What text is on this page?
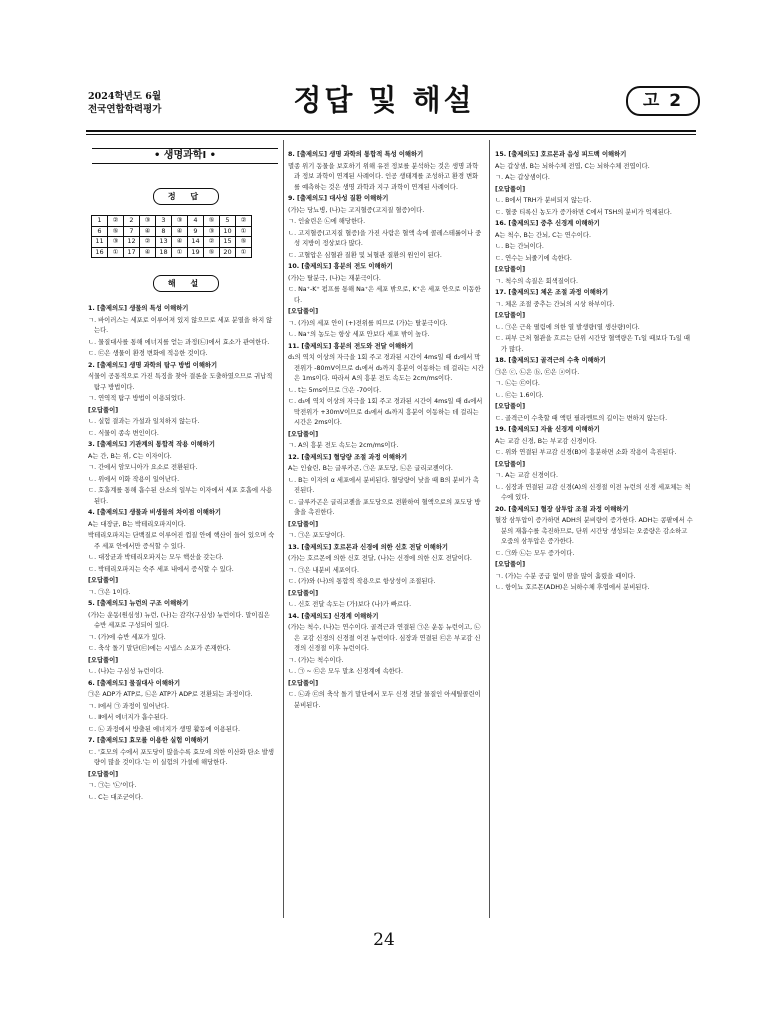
2024학년도 6월
전국연합학력평가	정답 및 해설	고 2
• 생명과학Ⅰ •
정 답
1	②	2	③	3	③	4	⑤	5	②
6	⑤	7	④	8	④	9	③	10	①
11	③	12	②	13	④	14	②	15	⑤
16	①	17	④	18	①	19	⑤	20	①
해 설

1. [출제의도] 생물의 특성 이해하기

ㄱ. 바이러스는 세포로 이루어져 있지 않으므로 세포 분열을 하지 않는다.

ㄴ. 물질대사를 통해 에너지를 얻는 과정(㉡)에서 효소가 관여한다.

ㄷ. ㉢은 생물이 환경 변화에 적응한 것이다.

2. [출제의도] 생명 과학의 탐구 방법 이해하기

식물이 공통적으로 가진 특징을 찾아 결론을 도출하였으므로 귀납적 탐구 방법이다.

ㄱ. 연역적 탐구 방법이 이용되었다.

[오답풀이]

ㄴ. 실험 결과는 가설과 일치하지 않는다.

ㄷ. 식물이 종속 변인이다.

3. [출제의도] 기관계의 통합적 작용 이해하기

A는 간, B는 위, C는 이자이다.

ㄱ. 간에서 암모니아가 요소로 전환된다.

ㄴ. 위에서 이화 작용이 일어난다.

ㄷ. 호흡계를 통해 흡수된 산소의 일부는 이자에서 세포 호흡에 사용된다.

4. [출제의도] 생물과 비생물의 차이점 이해하기

A는 대장균, B는 박테리오파지이다.

박테리오파지는 단백질로 이루어진 껍질 안에 핵산이 들어 있으며 숙주 세포 안에서만 증식할 수 있다.

ㄴ. 대장균과 박테리오파지는 모두 핵산을 갖는다.

ㄷ. 박테리오파지는 숙주 세포 내에서 증식할 수 있다.

[오답풀이]

ㄱ. ㉠은 1이다.

5. [출제의도] 뉴런의 구조 이해하기

(가)는 운동(원심성) 뉴런, (나)는 감각(구심성) 뉴런이다. 말이집은 슈반 세포로 구성되어 있다.

ㄱ. (가)에 슈반 세포가 있다.

ㄷ. 축삭 돌기 말단(㉢)에는 시냅스 소포가 존재한다.

[오답풀이]

ㄴ. (나)는 구심성 뉴런이다.

6. [출제의도] 물질대사 이해하기

㉠은 ADP가 ATP로, ㉡은 ATP가 ADP로 전환되는 과정이다.

ㄱ. Ⅰ에서 ㉠ 과정이 일어난다.

ㄴ. Ⅱ에서 에너지가 흡수된다.

ㄷ. ㉡ 과정에서 방출된 에너지가 생명 활동에 이용된다.

7. [출제의도] 효모를 이용한 실험 이해하기

ㄷ. '효모의 수에서 포도당이 많을수록 효모에 의한 이산화 탄소 발생량이 많을 것이다.'는 이 실험의 가설에 해당한다.

[오답풀이]

ㄱ. ㉠는 '㉡'이다.

ㄴ. C는 대조군이다.

8. [출제의도] 생명 과학의 통합적 특성 이해하기

멸종 위기 동물을 보호하기 위해 유전 정보를 분석하는 것은 생명 과학과 정보 과학이 연계된 사례이다. 인공 생태계를 조성하고 환경 변화를 예측하는 것은 생명 과학과 지구 과학이 연계된 사례이다.

9. [출제의도] 대사성 질환 이해하기

(가)는 당뇨병, (나)는 고지혈증(고지질 혈증)이다.

ㄱ. 인슐린은 ㉡에 해당한다.

ㄴ. 고지혈증(고지질 혈증)을 가진 사람은 혈액 속에 콜레스테롤이나 중성 지방이 정상보다 많다.

ㄷ. 고혈압은 심혈관 질환 및 뇌혈관 질환의 원인이 된다.

10. [출제의도] 흥분의 전도 이해하기

(가)는 탈분극, (나)는 재분극이다.

ㄷ. Na⁺-K⁺ 펌프를 통해 Na⁺은 세포 밖으로, K⁺은 세포 안으로 이동한다.

[오답풀이]

ㄱ. (가)의 세포 안이 (+)전위를 띠므로 (가)는 탈분극이다.

ㄴ. Na⁺의 농도는 항상 세포 안보다 세포 밖이 높다.

11. [출제의도] 흥분의 전도와 전달 이해하기

d₁의 역치 이상의 자극을 1회 주고 경과된 시간이 4ms일 때 d₂에서 막전위가 -80mV이므로 d₁에서 d₂까지 흥분이 이동하는 데 걸리는 시간은 1ms이다. 따라서 A의 흥분 전도 속도는 2cm/ms이다.

ㄴ. t는 5ms이므로 ㉠은 -70이다.

ㄷ. d₃에 역치 이상의 자극을 1회 주고 경과된 시간이 4ms일 때 d₄에서 막전위가 +30mV이므로 d₃에서 d₄까지 흥분이 이동하는 데 걸리는 시간은 2ms이다.

[오답풀이]

ㄱ. A의 흥분 전도 속도는 2cm/ms이다.

12. [출제의도] 혈당량 조절 과정 이해하기

A는 인슐린, B는 글루카곤, ㉠은 포도당, ㉡은 글리코젠이다.

ㄴ. B는 이자의 α 세포에서 분비된다. 혈당량이 낮을 때 B의 분비가 촉진된다.

ㄷ. 글루카곤은 글리코젠을 포도당으로 전환하여 혈액으로의 포도당 방출을 촉진한다.

[오답풀이]

ㄱ. ㉠은 포도당이다.

13. [출제의도] 호르몬과 신경에 의한 신호 전달 이해하기

(가)는 호르몬에 의한 신호 전달, (나)는 신경에 의한 신호 전달이다.

ㄱ. ㉠은 내분비 세포이다.

ㄷ. (가)와 (나)의 통합적 작용으로 항상성이 조절된다.

[오답풀이]

ㄴ. 신호 전달 속도는 (가)보다 (나)가 빠르다.

14. [출제의도] 신경계 이해하기

(가)는 척수, (나)는 연수이다. 골격근과 연결된 ㉠은 운동 뉴런이고, ㉡은 교감 신경의 신경절 이전 뉴런이다. 심장과 연결된 ㉢은 부교감 신경의 신경절 이후 뉴런이다.

ㄱ. (가)는 척수이다.

ㄴ. ㉠ ~ ㉢은 모두 말초 신경계에 속한다.

[오답풀이]

ㄷ. ㉡과 ㉢의 축삭 돌기 말단에서 모두 신경 전달 물질인 아세틸콜린이 분비된다.

15. [출제의도] 호르몬과 음성 피드백 이해하기

A는 갑상샘, B는 뇌하수체 전엽, C는 뇌하수체 전엽이다.

ㄱ. A는 갑상샘이다.

[오답풀이]

ㄴ. B에서 TRH가 분비되지 않는다.

ㄷ. 혈중 티록신 농도가 증가하면 C에서 TSH의 분비가 억제된다.

16. [출제의도] 중추 신경계 이해하기

A는 척수, B는 간뇌, C는 연수이다.

ㄴ. B는 간뇌이다.

ㄷ. 연수는 뇌줄기에 속한다.

[오답풀이]

ㄱ. 척수의 속질은 회색질이다.

17. [출제의도] 체온 조절 과정 이해하기

ㄱ. 체온 조절 중추는 간뇌의 시상 하부이다.

[오답풀이]

ㄴ. ㉠은 근육 떨림에 의한 열 발생량(열 생산량)이다.

ㄷ. 피부 근처 혈관을 흐르는 단위 시간당 혈액량은 T₁일 때보다 T₂일 때가 많다.

18. [출제의도] 골격근의 수축 이해하기

㉠은 ⓒ, ㉡은 ⓑ, ㉢은 ⓐ이다.

ㄱ. ㉡는 ㉢이다.

ㄴ. ㉢는 1.6이다.

[오답풀이]

ㄷ. 골격근이 수축할 때 액틴 필라멘트의 길이는 변하지 않는다.

19. [출제의도] 자율 신경계 이해하기

A는 교감 신경, B는 부교감 신경이다.

ㄷ. 위와 연결된 부교감 신경(B)이 흥분하면 소화 작용이 촉진된다.

[오답풀이]

ㄱ. A는 교감 신경이다.

ㄴ. 심장과 연결된 교감 신경(A)의 신경절 이전 뉴런의 신경 세포체는 척수에 있다.

20. [출제의도] 혈장 삼투압 조절 과정 이해하기

혈장 삼투압이 증가하면 ADH의 분비량이 증가한다. ADH는 콩팥에서 수분의 재흡수를 촉진하므로, 단위 시간당 생성되는 오줌량은 감소하고 오줌의 삼투압은 증가한다.

ㄷ. ㉠와 ㉡는 모두 증가이다.

[오답풀이]

ㄱ. (가)는 수분 공급 없이 땀을 많이 흘렸을 때이다.

ㄴ. 항이뇨 호르몬(ADH)은 뇌하수체 후엽에서 분비된다.

24
